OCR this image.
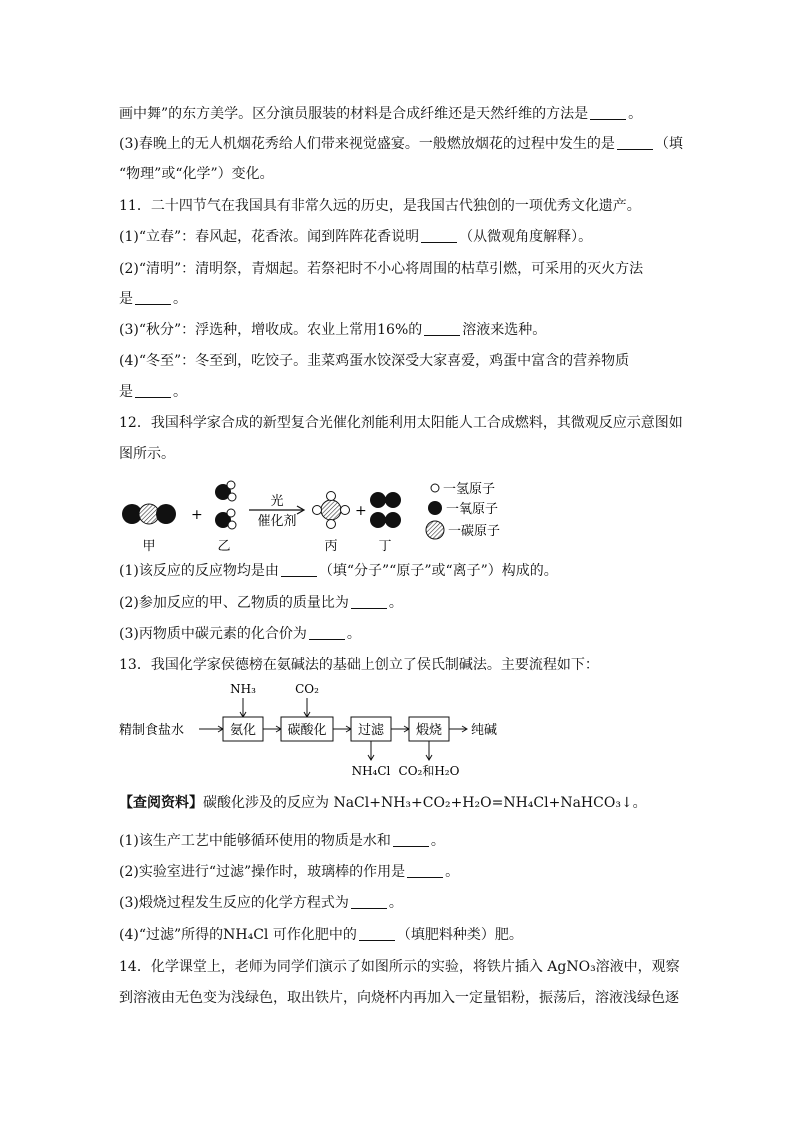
画中舞”的东方美学。区分演员服装的材料是合成纤维还是天然纤维的方法是	。
(3)春晚上的无人机烟花秀给人们带来视觉盛宴。一般燃放烟花的过程中发生的是	（填
“物理”或“化学”）变化。
11．二十四节气在我国具有非常久远的历史，是我国古代独创的一项优秀文化遗产。
(1)“立春”：春风起，花香浓。闻到阵阵花香说明	（从微观角度解释）。
(2)“清明”：清明祭，青烟起。若祭祀时不小心将周围的枯草引燃，可采用的灭火方法
是	。
(3)“秋分”：浮选种，增收成。农业上常用16%的	溶液来选种。
(4)“冬至”：冬至到，吃饺子。韭菜鸡蛋水饺深受大家喜爱，鸡蛋中富含的营养物质
是	。
12．我国科学家合成的新型复合光催化剂能利用太阳能人工合成燃料，其微观反应示意图如
图所示。
+
光
催化剂
+
甲	乙	丙	丁
一氢原子
一氧原子
一碳原子
(1)该反应的反应物均是由	（填“分子”“原子”或“离子”）构成的。
(2)参加反应的甲、乙物质的质量比为	。
(3)丙物质中碳元素的化合价为	。
13．我国化学家侯德榜在氨碱法的基础上创立了侯氏制碱法。主要流程如下：
精制食盐水	氨化 碳酸化 过滤 煅烧 纯碱
NH₃	CO₂
NH₄Cl CO₂和H₂O
【查阅资料】碳酸化涉及的反应为 NaCl+NH₃+CO₂+H₂O=NH₄Cl+NaHCO₃↓。
(1)该生产工艺中能够循环使用的物质是水和	。
(2)实验室进行“过滤”操作时，玻璃棒的作用是	。
(3)煅烧过程发生反应的化学方程式为	。
(4)“过滤”所得的NH₄Cl 可作化肥中的	（填肥料种类）肥。
14．化学课堂上，老师为同学们演示了如图所示的实验，将铁片插入 AgNO₃溶液中，观察
到溶液由无色变为浅绿色，取出铁片，向烧杯内再加入一定量铝粉，振荡后，溶液浅绿色逐
